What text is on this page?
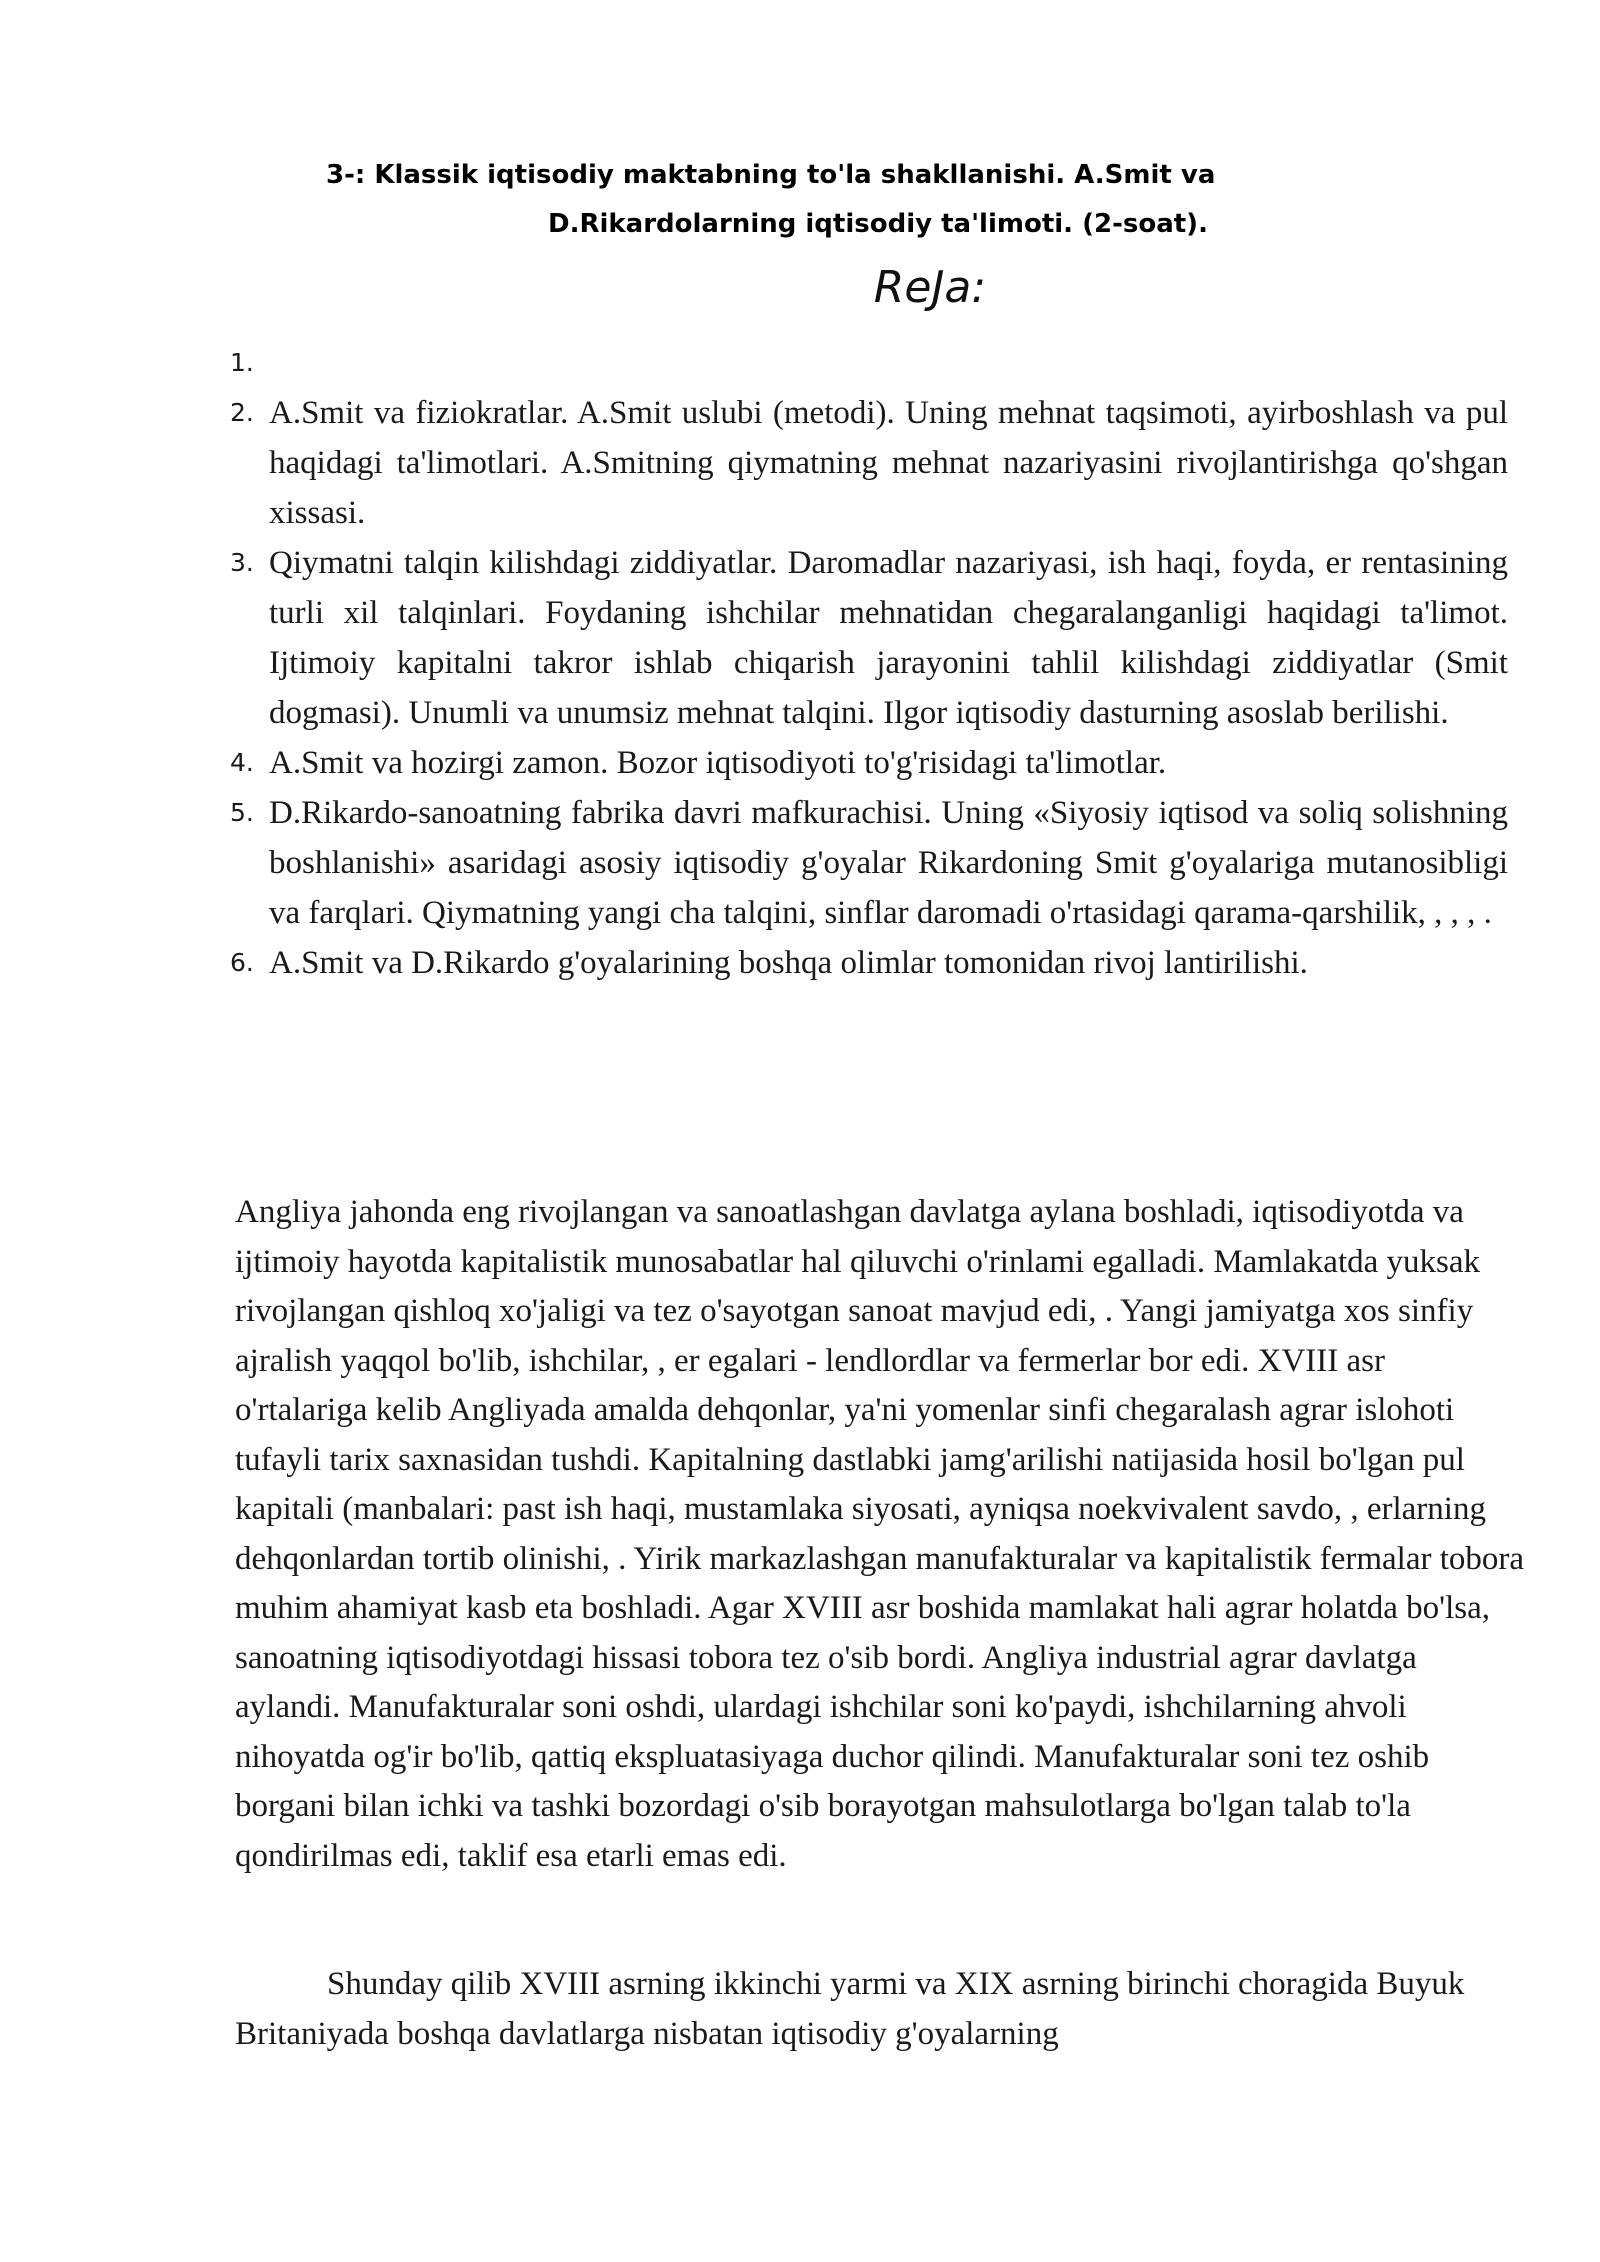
3-: Klassik iqtisodiy maktabning to'la shakllanishi. A.Smit va
D.Rikardolarning iqtisodiy ta'limoti. (2-soat).
ReJa:
1.

2. A.Smit va fiziokratlar. A.Smit uslubi (metodi). Uning mehnat taqsimoti, ayirboshlash va pul haqidagi ta'limotlari. A.Smitning qiymatning mehnat nazariyasini rivojlantirishga qo'shgan xissasi.
3. Qiymatni talqin kilishdagi ziddiyatlar. Daromadlar nazariyasi, ish haqi, foyda, er rentasining turli xil talqinlari. Foydaning ishchilar mehnatidan chegaralanganligi haqidagi ta'limot. Ijtimoiy kapitalni takror ishlab chiqarish jarayonini tahlil kilishdagi ziddiyatlar (Smit dogmasi). Unumli va unumsiz mehnat talqini. Ilgor iqtisodiy dasturning asoslab berilishi.
4. A.Smit va hozirgi zamon. Bozor iqtisodiyoti to'g'risidagi ta'limotlar.
5. D.Rikardo-sanoatning fabrika davri mafkurachisi. Uning «Siyosiy iqtisod va soliq solishning boshlanishi» asaridagi asosiy iqtisodiy g'oyalar Rikardoning Smit g'oyalariga mutanosibligi va farqlari. Qiymatning yangi cha talqini, sinflar daromadi o'rtasidagi qarama-qarshilik, , , , .
6. A.Smit va D.Rikardo g'oyalarining boshqa olimlar tomonidan rivoj lantirilishi.

Angliya jahonda eng rivojlangan va sanoatlashgan davlatga aylana boshladi, iqtisodiyotda va ijtimoiy hayotda kapitalistik munosabatlar hal qiluvchi o'rinlami egalladi. Mamlakatda yuksak rivojlangan qishloq xo'jaligi va tez o'sayotgan sanoat mavjud edi, . Yangi jamiyatga xos sinfiy ajralish yaqqol bo'lib, ishchilar, , er egalari - lendlordlar va fermerlar bor edi. XVIII asr o'rtalariga kelib Angliyada amalda dehqonlar, ya'ni yomenlar sinfi chegaralash agrar islohoti tufayli tarix saxnasidan tushdi. Kapitalning dastlabki jamg'arilishi natijasida hosil bo'lgan pul kapitali (manbalari: past ish haqi, mustamlaka siyosati, ayniqsa noekvivalent savdo, , erlarning dehqonlardan tortib olinishi, . Yirik markazlashgan manufakturalar va kapitalistik fermalar tobora muhim ahamiyat kasb eta boshladi. Agar XVIII asr boshida mamlakat hali agrar holatda bo'lsa, sanoatning iqtisodiyotdagi hissasi tobora tez o'sib bordi. Angliya industrial agrar davlatga aylandi. Manufakturalar soni oshdi, ulardagi ishchilar soni ko'paydi, ishchilarning ahvoli nihoyatda og'ir bo'lib, qattiq ekspluatasiyaga duchor qilindi. Manufakturalar soni tez oshib borgani bilan ichki va tashki bozordagi o'sib borayotgan mahsulotlarga bo'lgan talab to'la qondirilmas edi, taklif esa etarli emas edi.

Shunday qilib XVIII asrning ikkinchi yarmi va XIX asrning birinchi choragida Buyuk Britaniyada boshqa davlatlarga nisbatan iqtisodiy g'oyalarning
